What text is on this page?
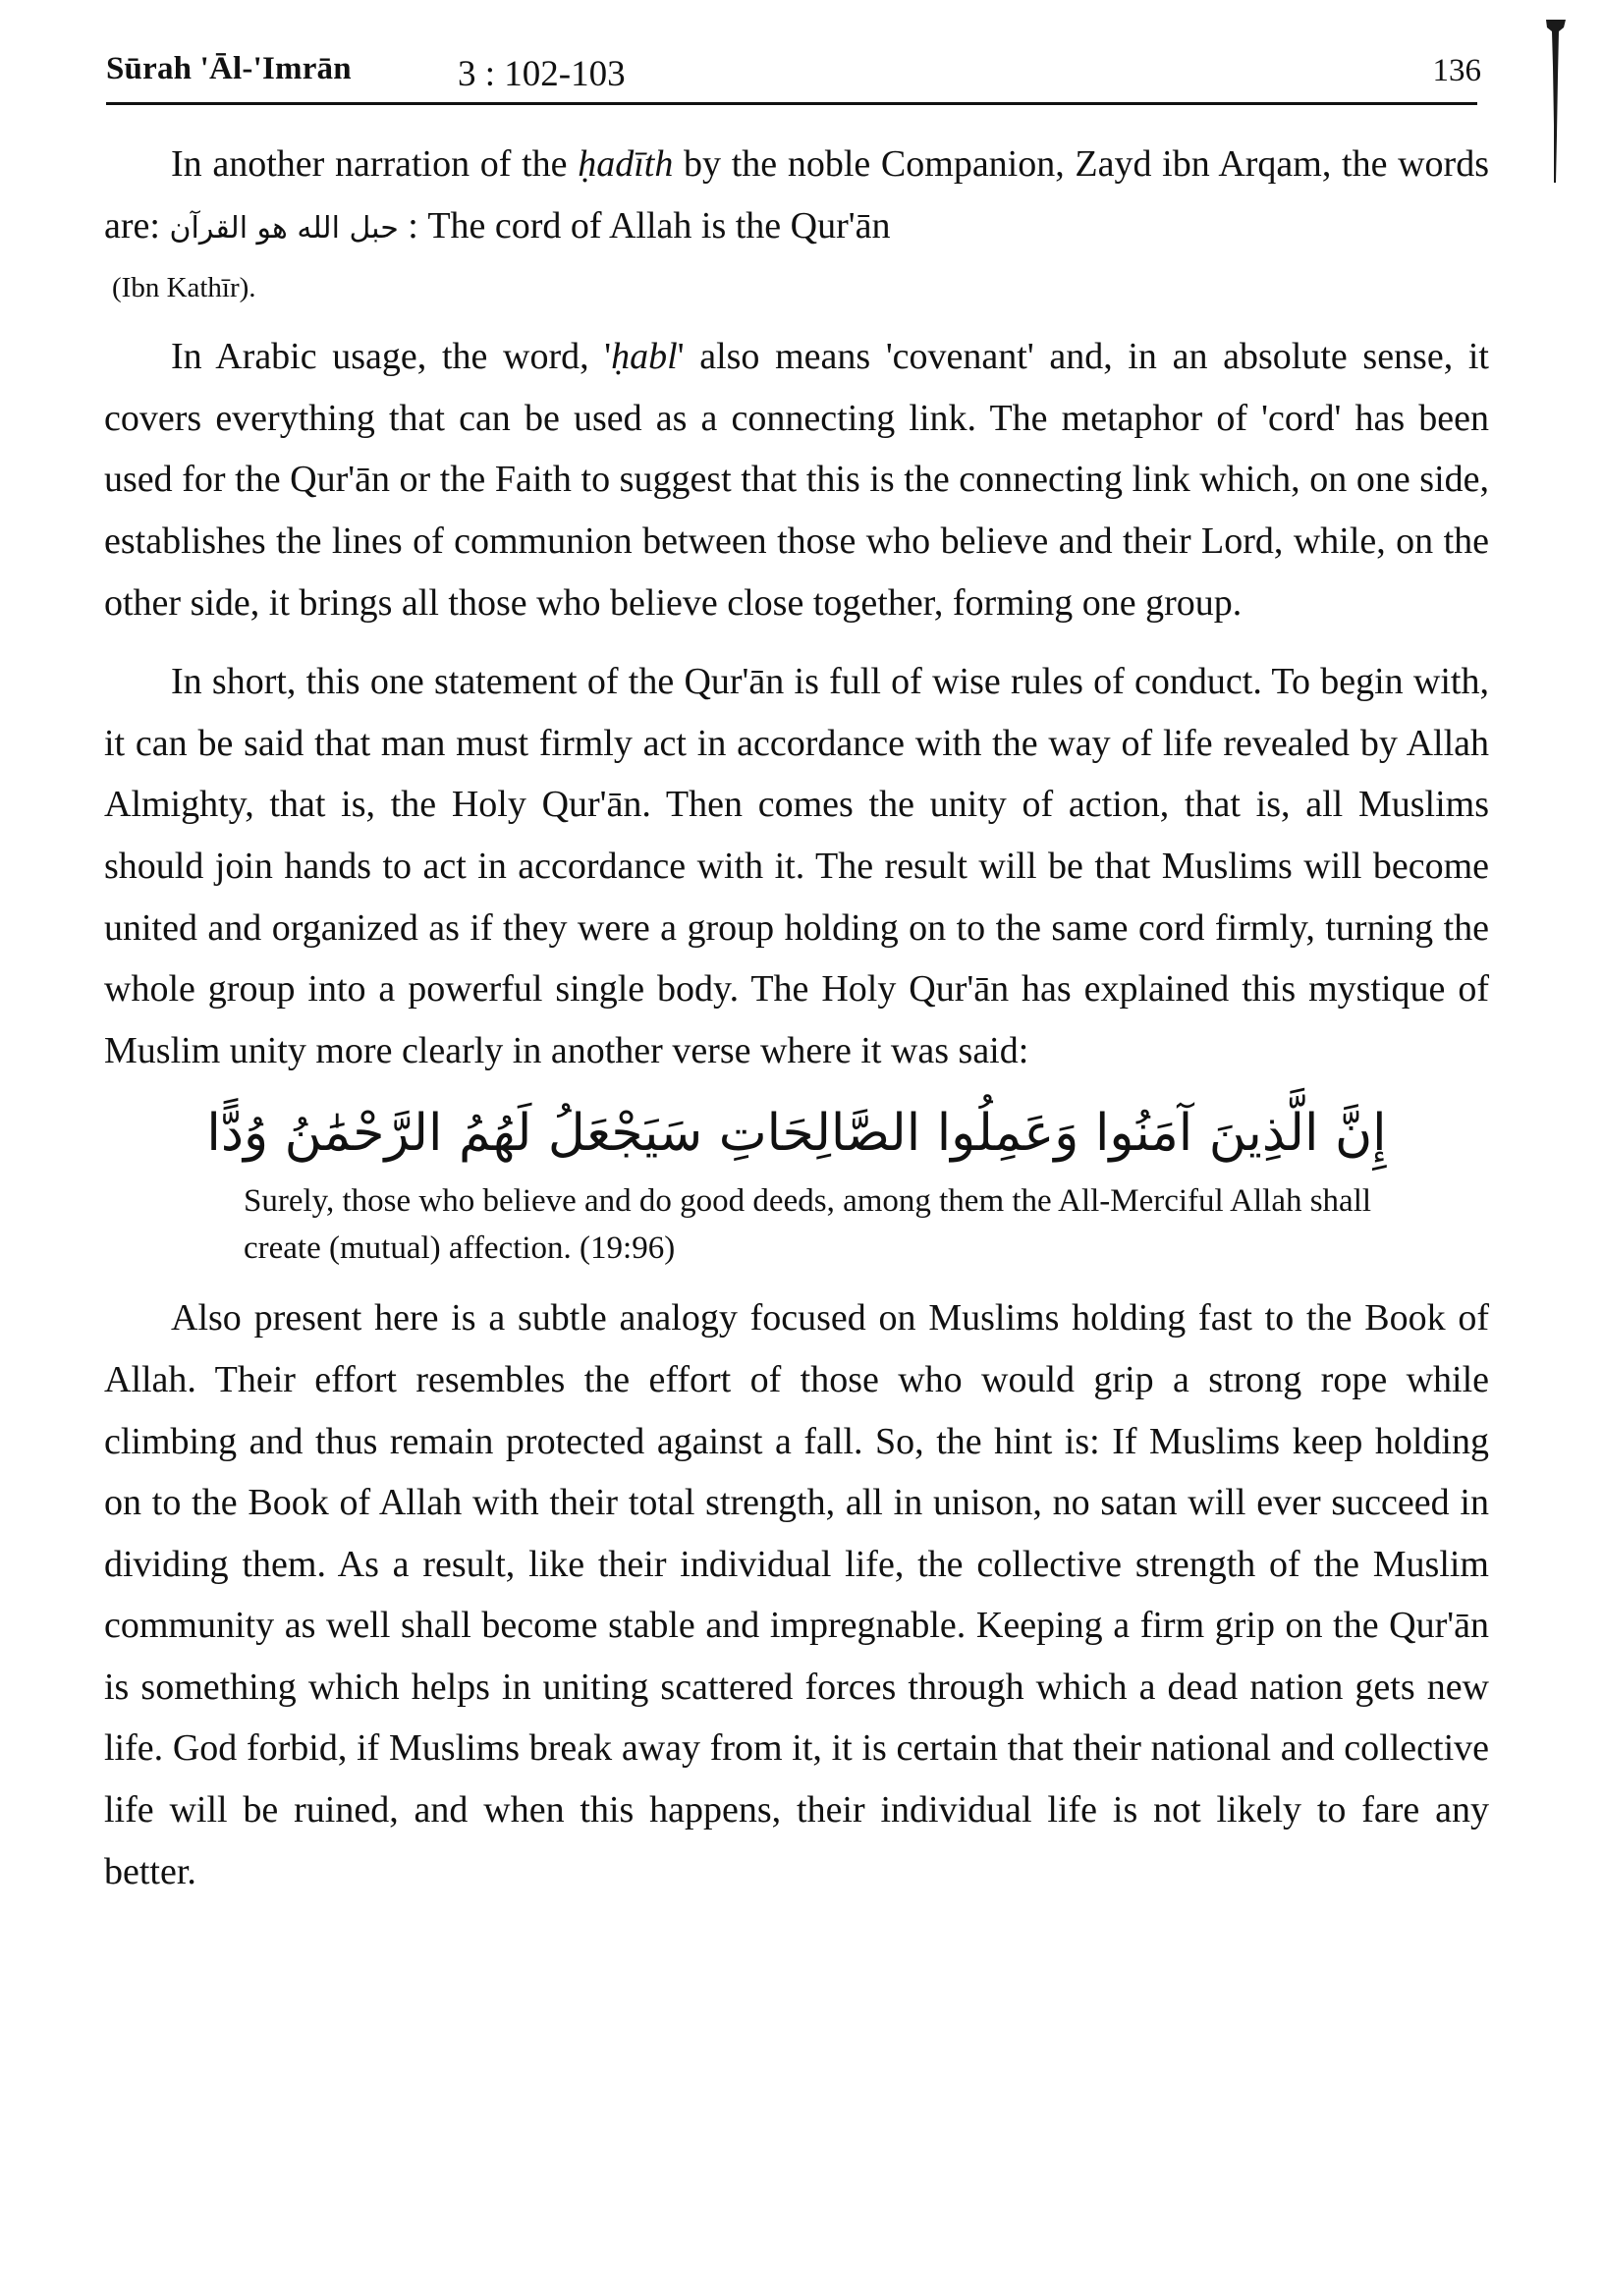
Sūrah 'Āl-'Imrān	3 : 102-103	136

In another narration of the ḥadīth by the noble Companion, Zayd ibn Arqam, the words are: حبل الله هو القرآن : The cord of Allah is the Qur'ān

(Ibn Kathīr).

In Arabic usage, the word, 'ḥabl' also means 'covenant' and, in an absolute sense, it covers everything that can be used as a connecting link. The metaphor of 'cord' has been used for the Qur'ān or the Faith to suggest that this is the connecting link which, on one side, establishes the lines of communion between those who believe and their Lord, while, on the other side, it brings all those who believe close together, forming one group.

In short, this one statement of the Qur'ān is full of wise rules of conduct. To begin with, it can be said that man must firmly act in accordance with the way of life revealed by Allah Almighty, that is, the Holy Qur'ān. Then comes the unity of action, that is, all Muslims should join hands to act in accordance with it. The result will be that Muslims will become united and organized as if they were a group holding on to the same cord firmly, turning the whole group into a powerful single body. The Holy Qur'ān has explained this mystique of Muslim unity more clearly in another verse where it was said:

إِنَّ الَّذِينَ آمَنُوا وَعَمِلُوا الصَّالِحَاتِ سَيَجْعَلُ لَهُمُ الرَّحْمَٰنُ وُدًّا
Surely, those who believe and do good deeds, among them the All-Merciful Allah shall create (mutual) affection. (19:96)

Also present here is a subtle analogy focused on Muslims holding fast to the Book of Allah. Their effort resembles the effort of those who would grip a strong rope while climbing and thus remain protected against a fall. So, the hint is: If Muslims keep holding on to the Book of Allah with their total strength, all in unison, no satan will ever succeed in dividing them. As a result, like their individual life, the collective strength of the Muslim community as well shall become stable and impregnable. Keeping a firm grip on the Qur'ān is something which helps in uniting scattered forces through which a dead nation gets new life. God forbid, if Muslims break away from it, it is certain that their national and collective life will be ruined, and when this happens, their individual life is not likely to fare any better.
